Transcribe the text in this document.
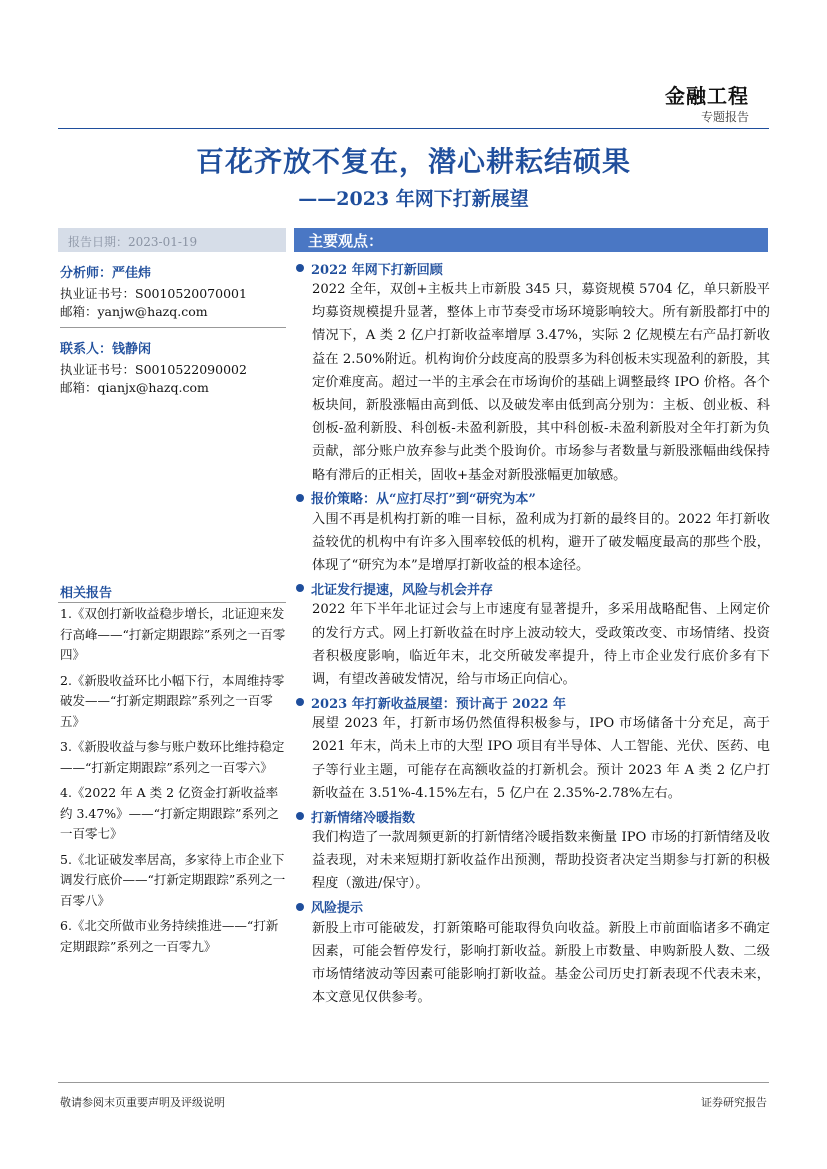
金融工程
专题报告
百花齐放不复在，潜心耕耘结硕果
——2023 年网下打新展望
报告日期：2023-01-19	主要观点：
分析师：严佳炜
执业证书号：S0010520070001
邮箱：yanjw@hazq.com
联系人：钱静闲
执业证书号：S0010522090002
邮箱：qianjx@hazq.com
相关报告
1.《双创打新收益稳步增长，北证迎来发行高峰——“打新定期跟踪”系列之一百零四》
2.《新股收益环比小幅下行，本周维持零破发——“打新定期跟踪”系列之一百零五》
3.《新股收益与参与账户数环比维持稳定——“打新定期跟踪”系列之一百零六》
4.《2022 年 A 类 2 亿资金打新收益率约 3.47%》——“打新定期跟踪”系列之一百零七》
5.《北证破发率居高，多家待上市企业下调发行底价——“打新定期跟踪”系列之一百零八》
6.《北交所做市业务持续推进——“打新定期跟踪”系列之一百零九》
2022 年网下打新回顾
2022 全年，双创+主板共上市新股 345 只，募资规模 5704 亿，单只新股平均募资规模提升显著，整体上市节奏受市场环境影响较大。所有新股都打中的情况下，A 类 2 亿户打新收益率增厚 3.47%，实际 2 亿规模左右产品打新收益在 2.50%附近。机构询价分歧度高的股票多为科创板未实现盈利的新股，其定价难度高。超过一半的主承会在市场询价的基础上调整最终 IPO 价格。各个板块间，新股涨幅由高到低、以及破发率由低到高分别为：主板、创业板、科创板-盈利新股、科创板-未盈利新股，其中科创板-未盈利新股对全年打新为负贡献，部分账户放弃参与此类个股询价。市场参与者数量与新股涨幅曲线保持略有滞后的正相关，固收+基金对新股涨幅更加敏感。
报价策略：从“应打尽打”到“研究为本”
入围不再是机构打新的唯一目标，盈利成为打新的最终目的。2022 年打新收益较优的机构中有许多入围率较低的机构，避开了破发幅度最高的那些个股，体现了“研究为本”是增厚打新收益的根本途径。
北证发行提速，风险与机会并存
2022 年下半年北证过会与上市速度有显著提升，多采用战略配售、上网定价的发行方式。网上打新收益在时序上波动较大，受政策改变、市场情绪、投资者积极度影响，临近年末，北交所破发率提升，待上市企业发行底价多有下调，有望改善破发情况，给与市场正向信心。
2023 年打新收益展望：预计高于 2022 年
展望 2023 年，打新市场仍然值得积极参与，IPO 市场储备十分充足，高于 2021 年末，尚未上市的大型 IPO 项目有半导体、人工智能、光伏、医药、电子等行业主题，可能存在高额收益的打新机会。预计 2023 年 A 类 2 亿户打新收益在 3.51%-4.15%左右，5 亿户在 2.35%-2.78%左右。
打新情绪冷暖指数
我们构造了一款周频更新的打新情绪冷暖指数来衡量 IPO 市场的打新情绪及收益表现，对未来短期打新收益作出预测，帮助投资者决定当期参与打新的积极程度（激进/保守）。
风险提示
新股上市可能破发，打新策略可能取得负向收益。新股上市前面临诸多不确定因素，可能会暂停发行，影响打新收益。新股上市数量、申购新股人数、二级市场情绪波动等因素可能影响打新收益。基金公司历史打新表现不代表未来，本文意见仅供参考。
敬请参阅末页重要声明及评级说明	证券研究报告
